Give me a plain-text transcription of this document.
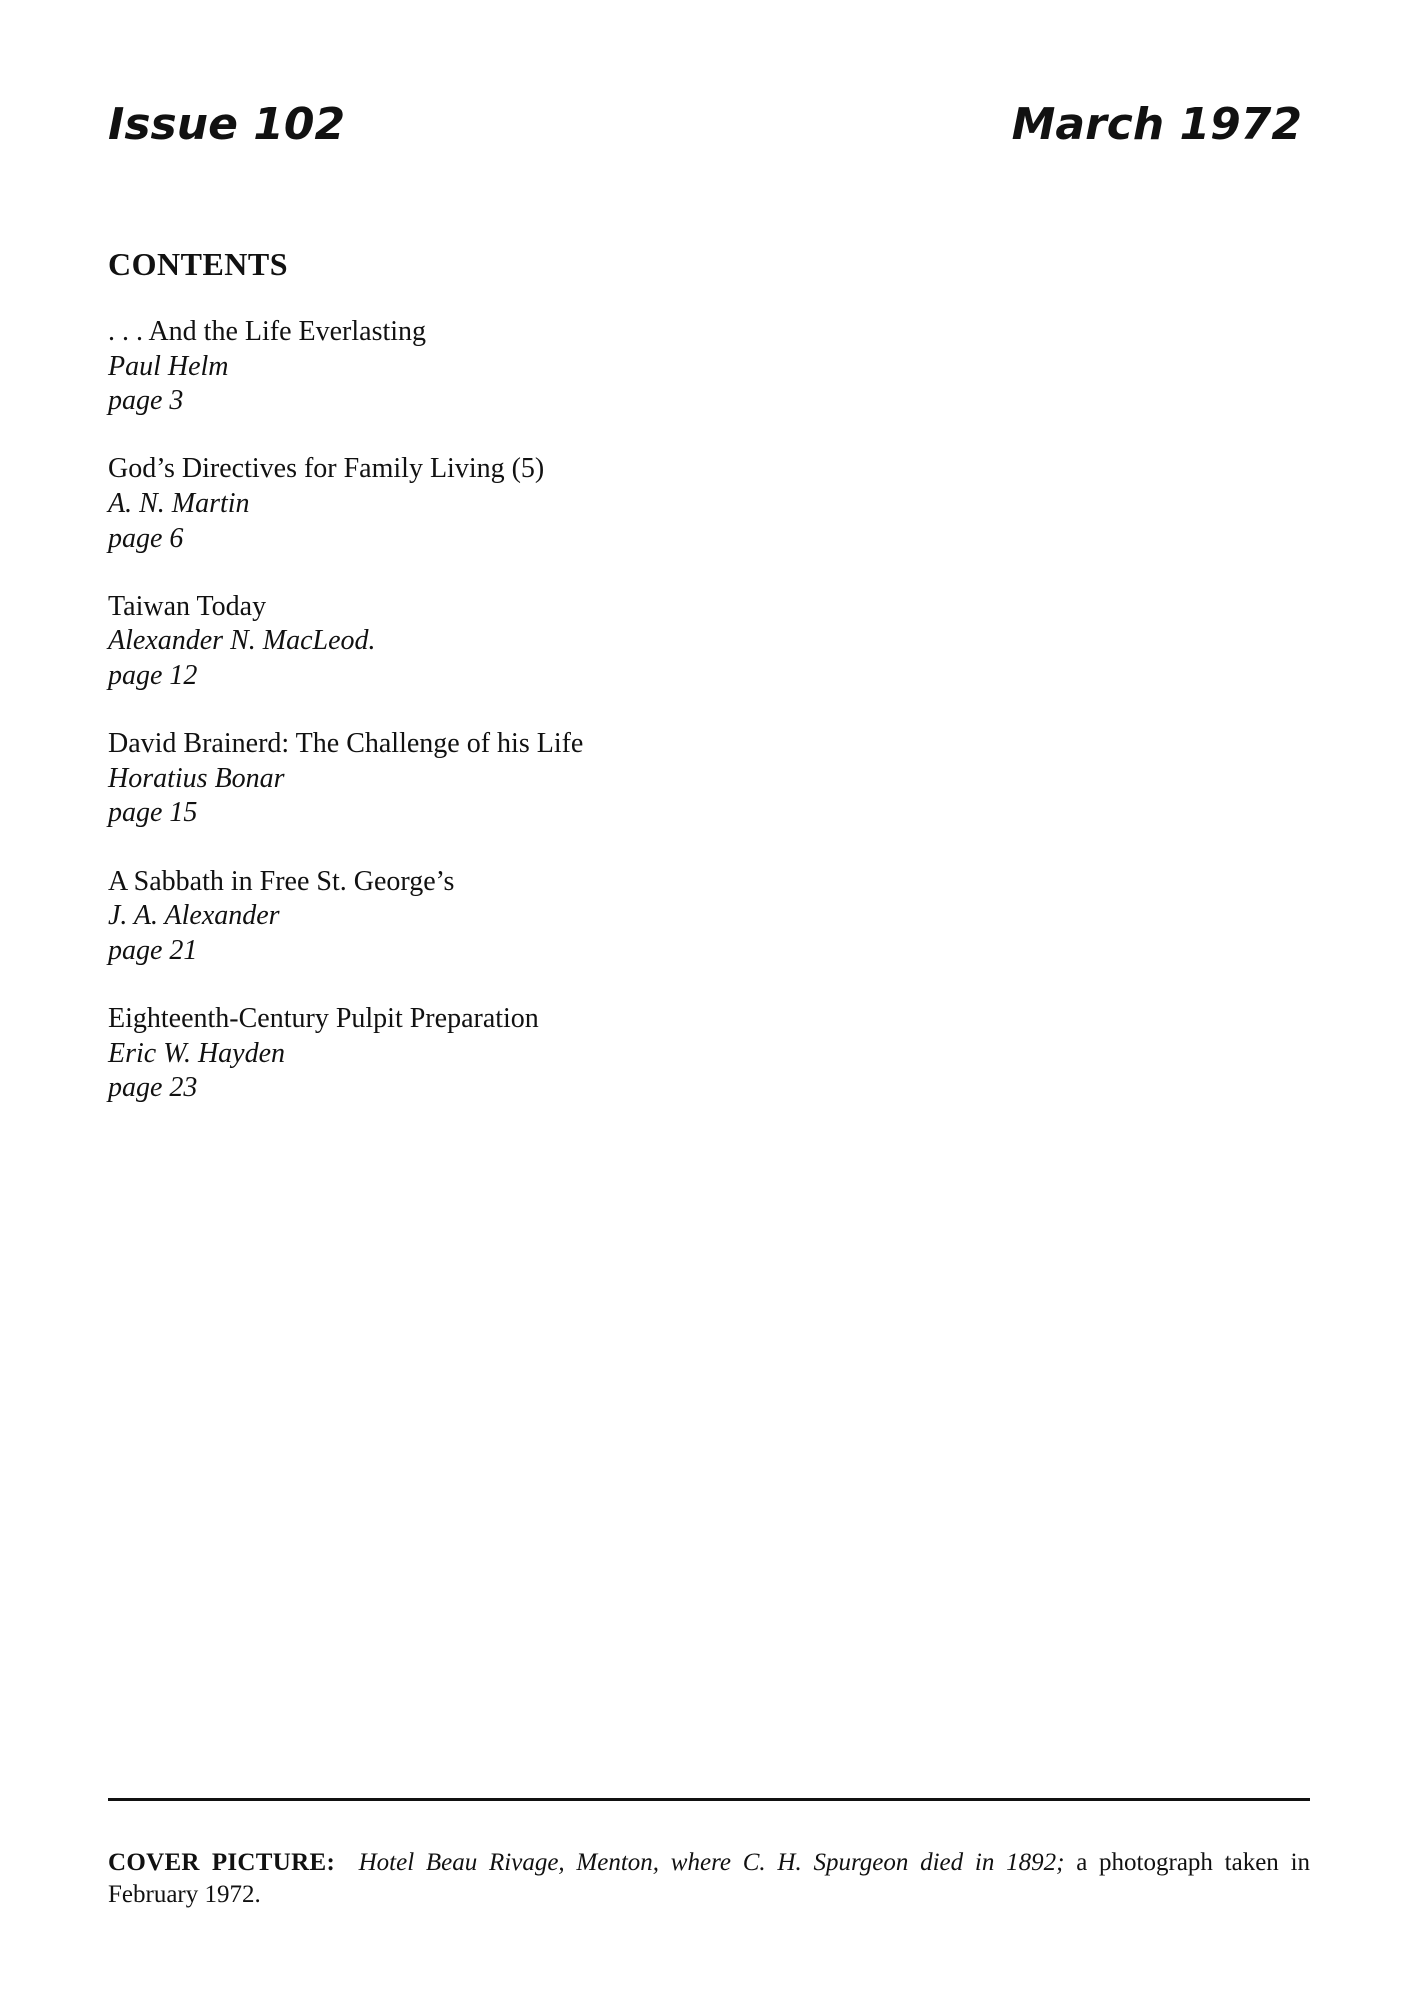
Issue 102	March 1972
CONTENTS
. . . And the Life Everlasting
Paul Helm
page 3
God’s Directives for Family Living (5)
A. N. Martin
page 6
Taiwan Today
Alexander N. MacLeod.
page 12
David Brainerd: The Challenge of his Life
Horatius Bonar
page 15
A Sabbath in Free St. George’s
J. A. Alexander
page 21
Eighteenth-Century Pulpit Preparation
Eric W. Hayden
page 23

COVER PICTURE: Hotel Beau Rivage, Menton, where C. H. Spurgeon died in 1892; a photograph taken in February 1972.
